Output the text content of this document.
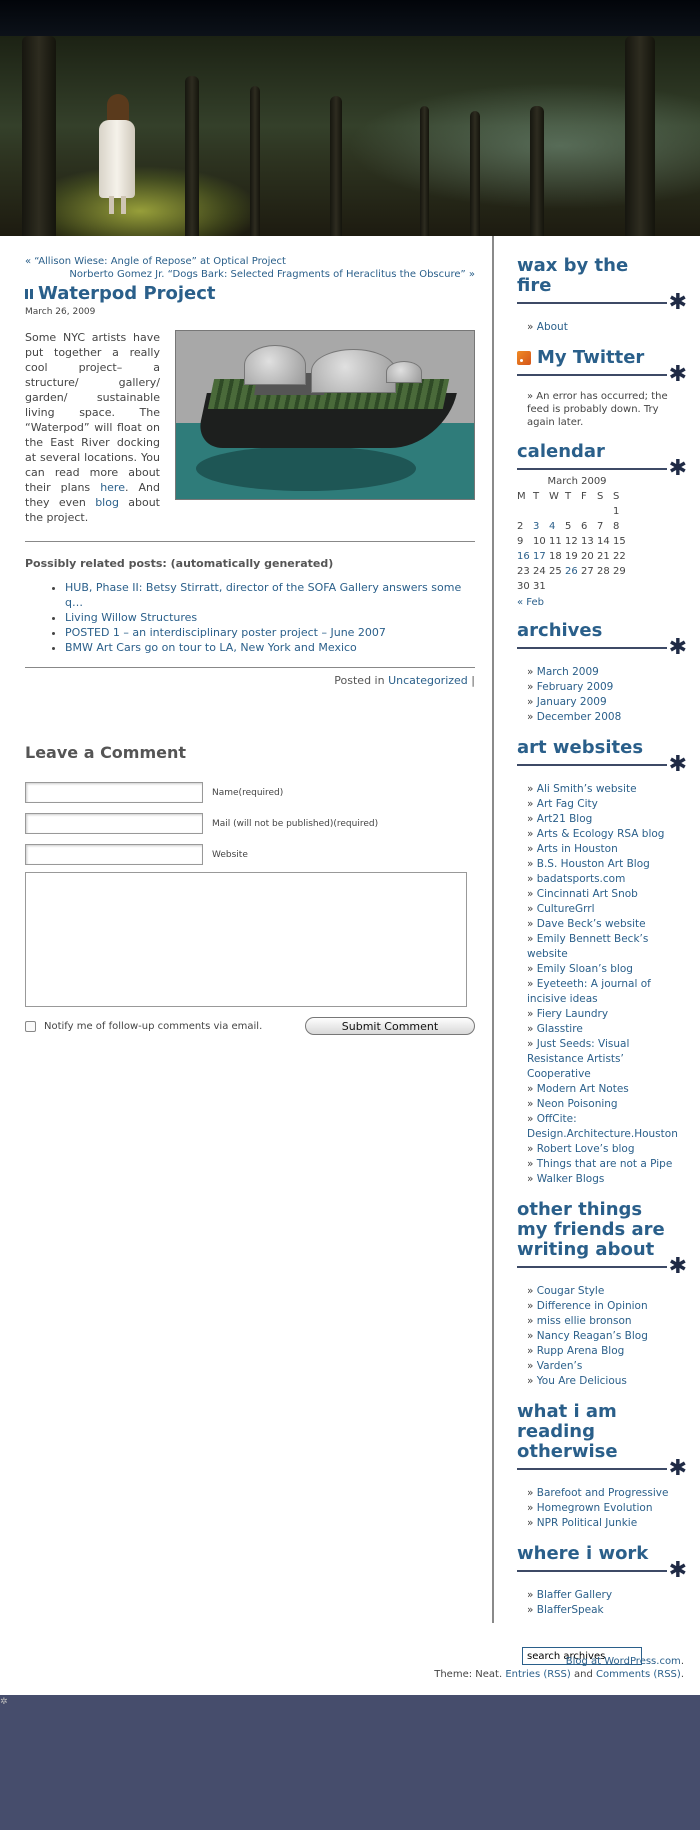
« “Allison Wiese: Angle of Repose” at Optical Project
Norberto Gomez Jr. “Dogs Bark: Selected Fragments of Heraclitus the Obscure” »
Waterpod Project
March 26, 2009

Some NYC artists have put together a really cool project– a structure/ gallery/ garden/ sustainable living space. The “Waterpod” will float on the East River docking at several locations. You can read more about their plans here. And they even blog about the project.

Possibly related posts: (automatically generated)
• HUB, Phase II: Betsy Stirratt, director of the SOFA Gallery answers some q…
• Living Willow Structures
• POSTED 1 – an interdisciplinary poster project – June 2007
• BMW Art Cars go on tour to LA, New York and Mexico
Posted in Uncategorized |
Leave a Comment
Name(required)
Mail (will not be published)(required)
Website
Notify me of follow-up comments via email.	Submit Comment
wax by the fire
✱
» About
My Twitter
✱
» An error has occurred; the feed is probably down. Try again later.
calendar
✱
March 2009
M	T	W	T	F	S	S
						1
2	3	4	5	6	7	8
9	10	11	12	13	14	15
16	17	18	19	20	21	22
23	24	25	26	27	28	29
30	31					
« Feb
archives
✱
» March 2009
» February 2009
» January 2009
» December 2008
art websites
✱
» Ali Smith’s website
» Art Fag City
» Art21 Blog
» Arts & Ecology RSA blog
» Arts in Houston
» B.S. Houston Art Blog
» badatsports.com
» Cincinnati Art Snob
» CultureGrrl
» Dave Beck’s website
» Emily Bennett Beck’s website
» Emily Sloan’s blog
» Eyeteeth: A journal of incisive ideas
» Fiery Laundry
» Glasstire
» Just Seeds: Visual Resistance Artists’ Cooperative
» Modern Art Notes
» Neon Poisoning
» OffCite: Design.Architecture.Houston
» Robert Love’s blog
» Things that are not a Pipe
» Walker Blogs
other things my friends are writing about
✱
» Cougar Style
» Difference in Opinion
» miss ellie bronson
» Nancy Reagan’s Blog
» Rupp Arena Blog
» Varden’s
» You Are Delicious
what i am reading otherwise
✱
» Barefoot and Progressive
» Homegrown Evolution
» NPR Political Junkie
where i work
✱
» Blaffer Gallery
» BlafferSpeak
search archives
Blog at WordPress.com.
Theme: Neat. Entries (RSS) and Comments (RSS).
✲
